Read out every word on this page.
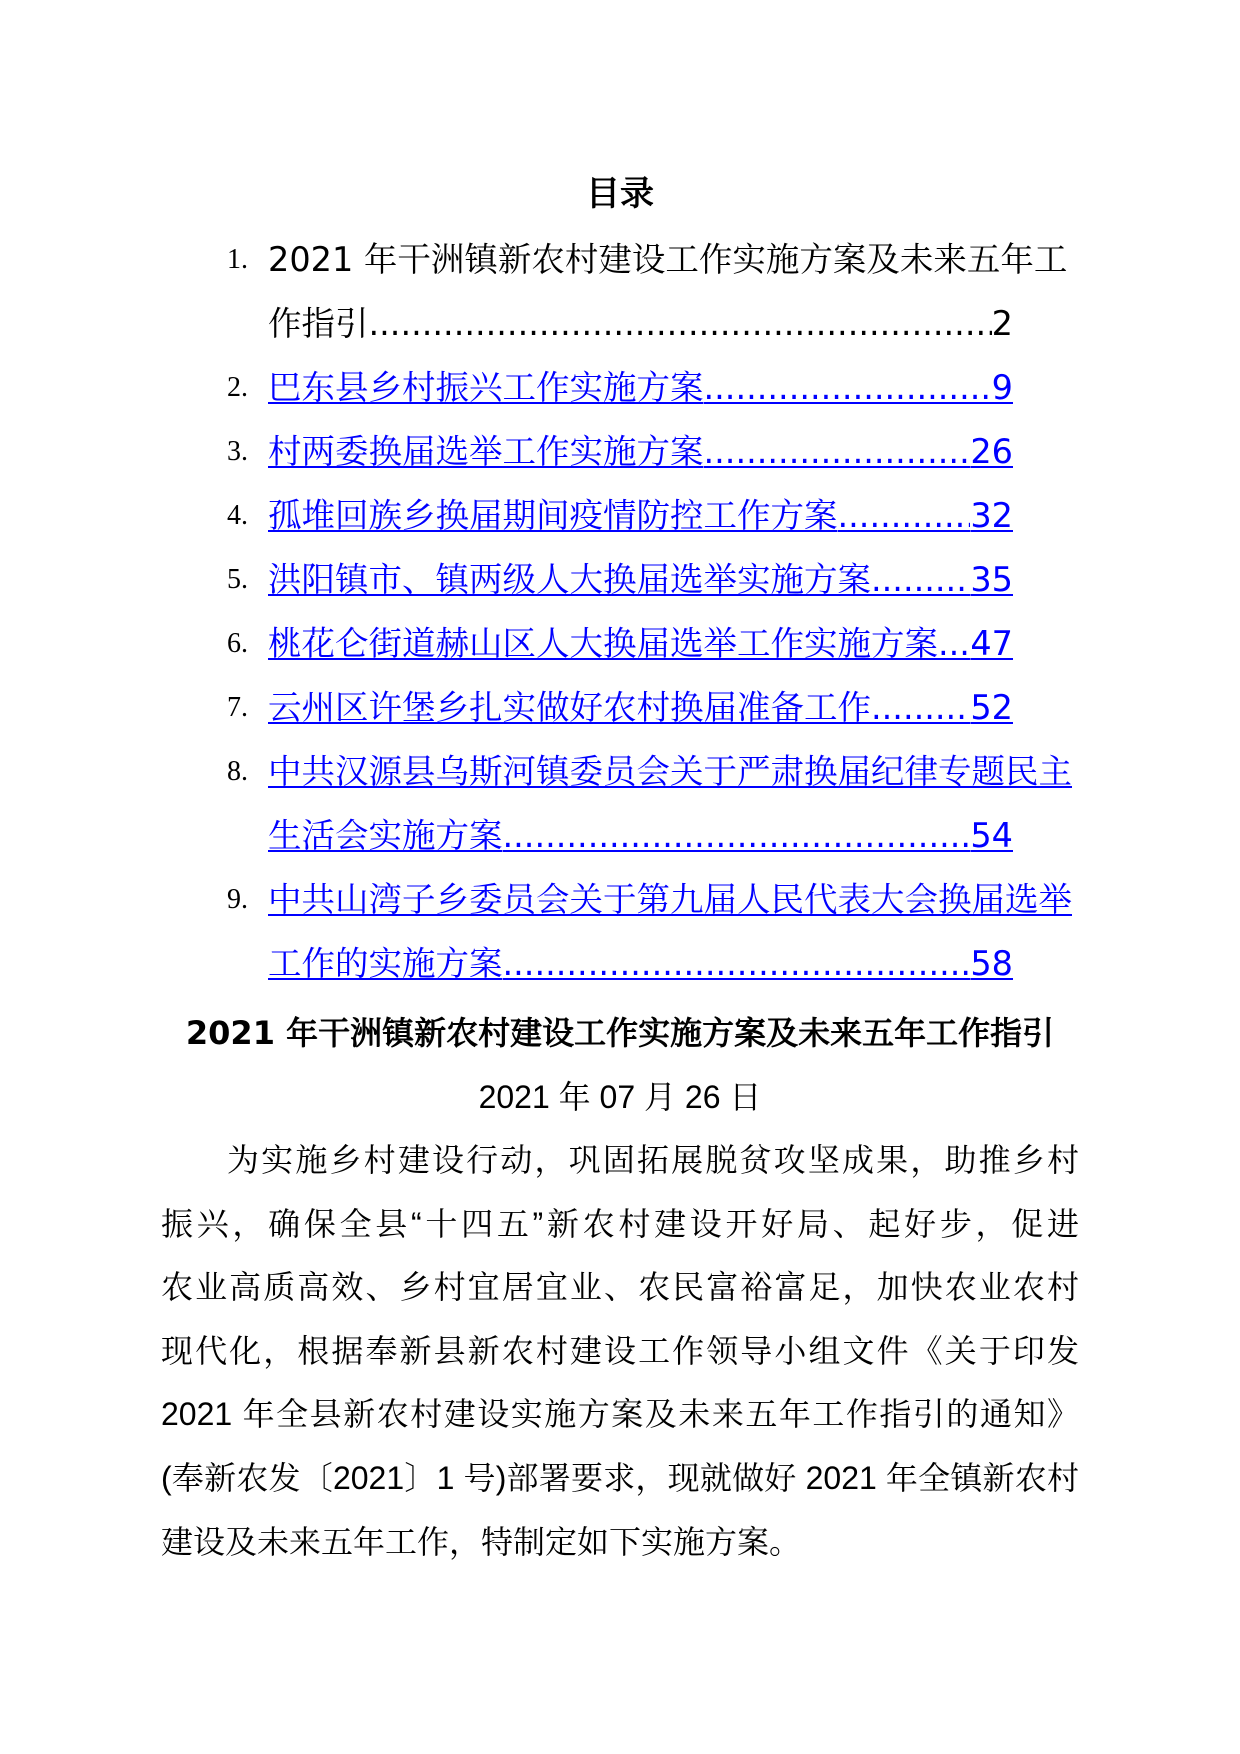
目录
1. 2021 年干洲镇新农村建设工作实施方案及未来五年工
作指引 .....	2
2. 巴东县乡村振兴工作实施方案 .....	9
3. 村两委换届选举工作实施方案 .....	26
4. 孤堆回族乡换届期间疫情防控工作方案 .....	32
5. 洪阳镇市、镇两级人大换届选举实施方案 .....	35
6. 桃花仑街道赫山区人大换届选举工作实施方案 ..... 47
7. 云州区许堡乡扎实做好农村换届准备工作 .....	52
8. 中共汉源县乌斯河镇委员会关于严肃换届纪律专题民主
生活会实施方案 .....	54
9. 中共山湾子乡委员会关于第九届人民代表大会换届选举
工作的实施方案 .....	58
2021 年干洲镇新农村建设工作实施方案及未来五年工作指引
2021 年 07 月 26 日
为实施乡村建设行动，巩固拓展脱贫攻坚成果，助推乡村
振兴，确保全县“十四五”新农村建设开好局、起好步，促进
农业高质高效、乡村宜居宜业、农民富裕富足，加快农业农村
现代化，根据奉新县新农村建设工作领导小组文件《关于印发
2021 年全县新农村建设实施方案及未来五年工作指引的通知》
(奉新农发〔2021〕1 号)部署要求，现就做好 2021 年全镇新农村
建设及未来五年工作，特制定如下实施方案。
